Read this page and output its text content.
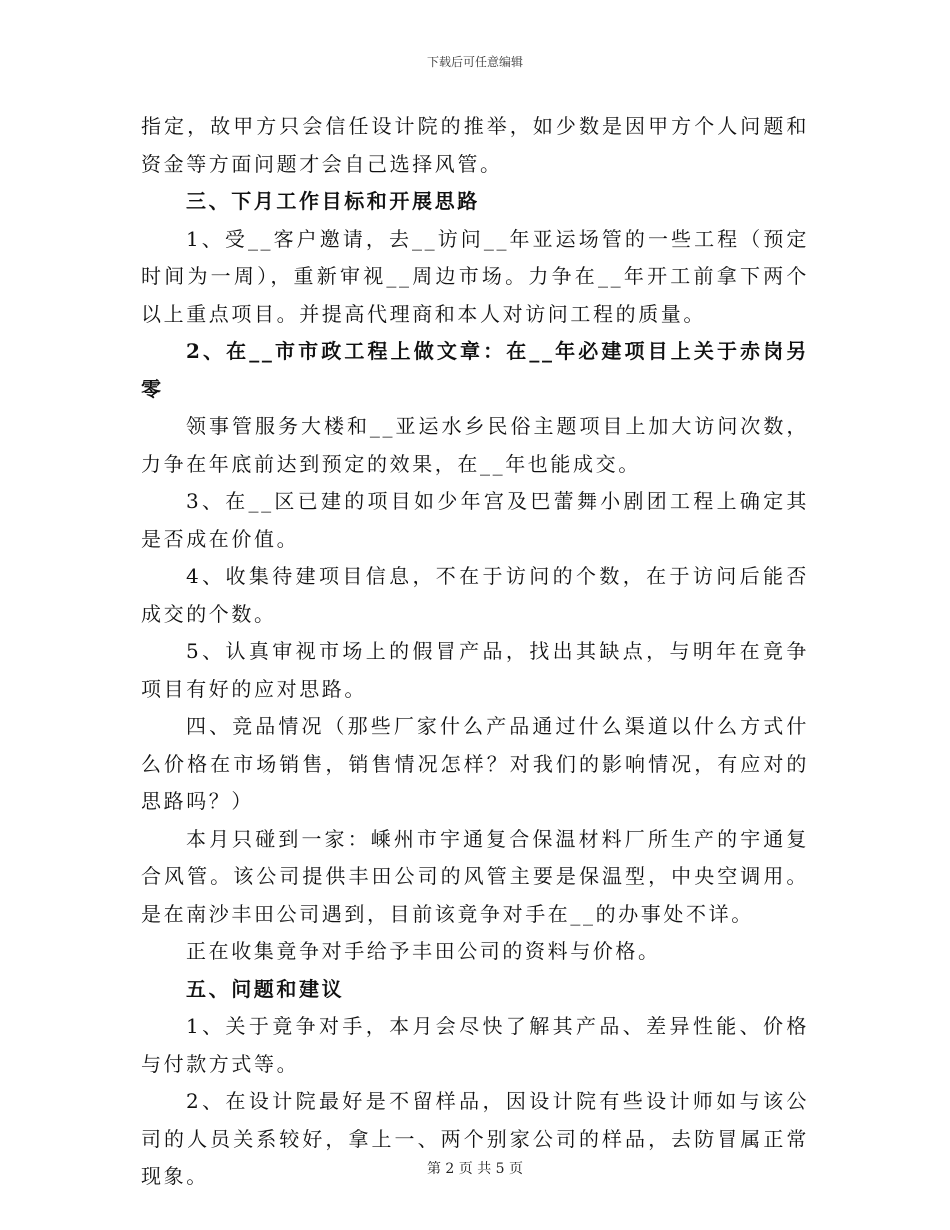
下载后可任意编辑

指定，故甲方只会信任设计院的推举，如少数是因甲方个人问题和资金等方面问题才会自己选择风管。

三、下月工作目标和开展思路

1、受__客户邀请，去__访问__年亚运场管的一些工程（预定时间为一周），重新审视__周边市场。力争在__年开工前拿下两个以上重点项目。并提高代理商和本人对访问工程的质量。

2、在__市市政工程上做文章：在__年必建项目上关于赤岗另零

领事管服务大楼和__亚运水乡民俗主题项目上加大访问次数，力争在年底前达到预定的效果，在__年也能成交。

3、在__区已建的项目如少年宫及巴蕾舞小剧团工程上确定其是否成在价值。

4、收集待建项目信息，不在于访问的个数，在于访问后能否成交的个数。

5、认真审视市场上的假冒产品，找出其缺点，与明年在竟争项目有好的应对思路。

四、竞品情况（那些厂家什么产品通过什么渠道以什么方式什么价格在市场销售，销售情况怎样？对我们的影响情况，有应对的思路吗？）

本月只碰到一家：嵊州市宇通复合保温材料厂所生产的宇通复合风管。该公司提供丰田公司的风管主要是保温型，中央空调用。是在南沙丰田公司遇到，目前该竟争对手在__的办事处不详。

正在收集竟争对手给予丰田公司的资料与价格。

五、问题和建议

1、关于竟争对手，本月会尽快了解其产品、差异性能、价格与付款方式等。

2、在设计院最好是不留样品，因设计院有些设计师如与该公司的人员关系较好，拿上一、两个别家公司的样品，去防冒属正常现象。	第 2 页 共 5 页
